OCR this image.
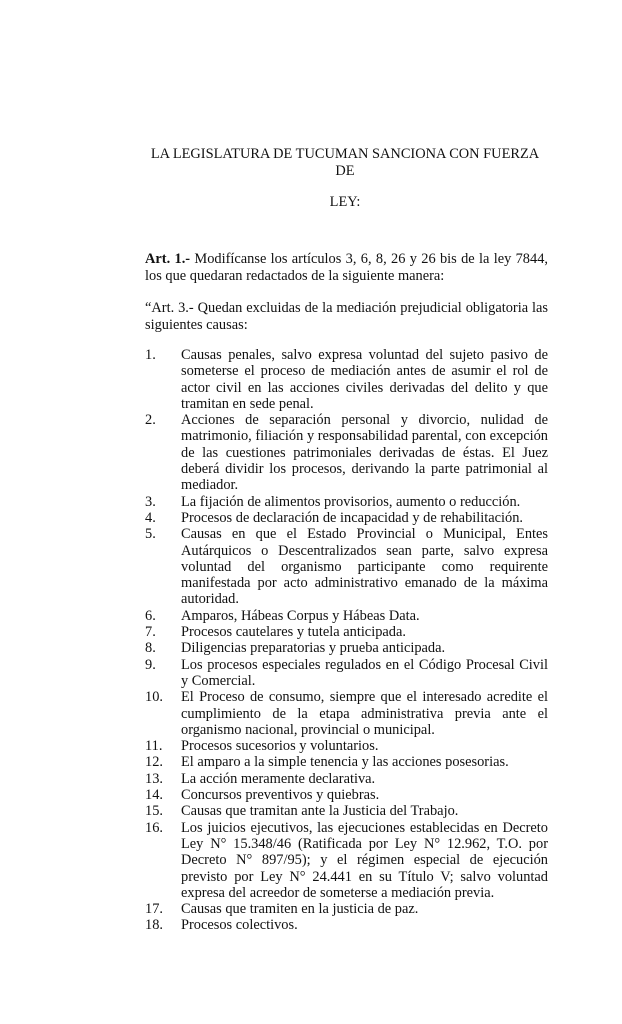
LA LEGISLATURA DE TUCUMAN SANCIONA CON FUERZA DE
LEY:
Art. 1.- Modifícanse los artículos 3, 6, 8, 26 y 26 bis de la ley 7844, los que quedaran redactados de la siguiente manera:
“Art. 3.- Quedan excluidas de la mediación prejudicial obligatoria las siguientes causas:
1.	Causas penales, salvo expresa voluntad del sujeto pasivo de someterse el proceso de mediación antes de asumir el rol de actor civil en las acciones civiles derivadas del delito y que tramitan en sede penal.
2.	Acciones de separación personal y divorcio, nulidad de matrimonio, filiación y responsabilidad parental, con excepción de las cuestiones patrimoniales derivadas de éstas. El Juez deberá dividir los procesos, derivando la parte patrimonial al mediador.
3.	La fijación de alimentos provisorios, aumento o reducción.
4.	Procesos de declaración de incapacidad y de rehabilitación.
5.	Causas en que el Estado Provincial o Municipal, Entes Autárquicos o Descentralizados sean parte, salvo expresa voluntad del organismo participante como requirente manifestada por acto administrativo emanado de la máxima autoridad.
6.	Amparos, Hábeas Corpus y Hábeas Data.
7.	Procesos cautelares y tutela anticipada.
8.	Diligencias preparatorias y prueba anticipada.
9.	Los procesos especiales regulados en el Código Procesal Civil y Comercial.
10.	El Proceso de consumo, siempre que el interesado acredite el cumplimiento de la etapa administrativa previa ante el organismo nacional, provincial o municipal.
11.	Procesos sucesorios y voluntarios.
12.	El amparo a la simple tenencia y las acciones posesorias.
13.	La acción meramente declarativa.
14.	Concursos preventivos y quiebras.
15.	Causas que tramitan ante la Justicia del Trabajo.
16.	Los juicios ejecutivos, las ejecuciones establecidas en Decreto Ley N° 15.348/46 (Ratificada por Ley N° 12.962, T.O. por Decreto N° 897/95); y el régimen especial de ejecución previsto por Ley N° 24.441 en su Título V; salvo voluntad expresa del acreedor de someterse a mediación previa.
17.	Causas que tramiten en la justicia de paz.
18.	Procesos colectivos.
